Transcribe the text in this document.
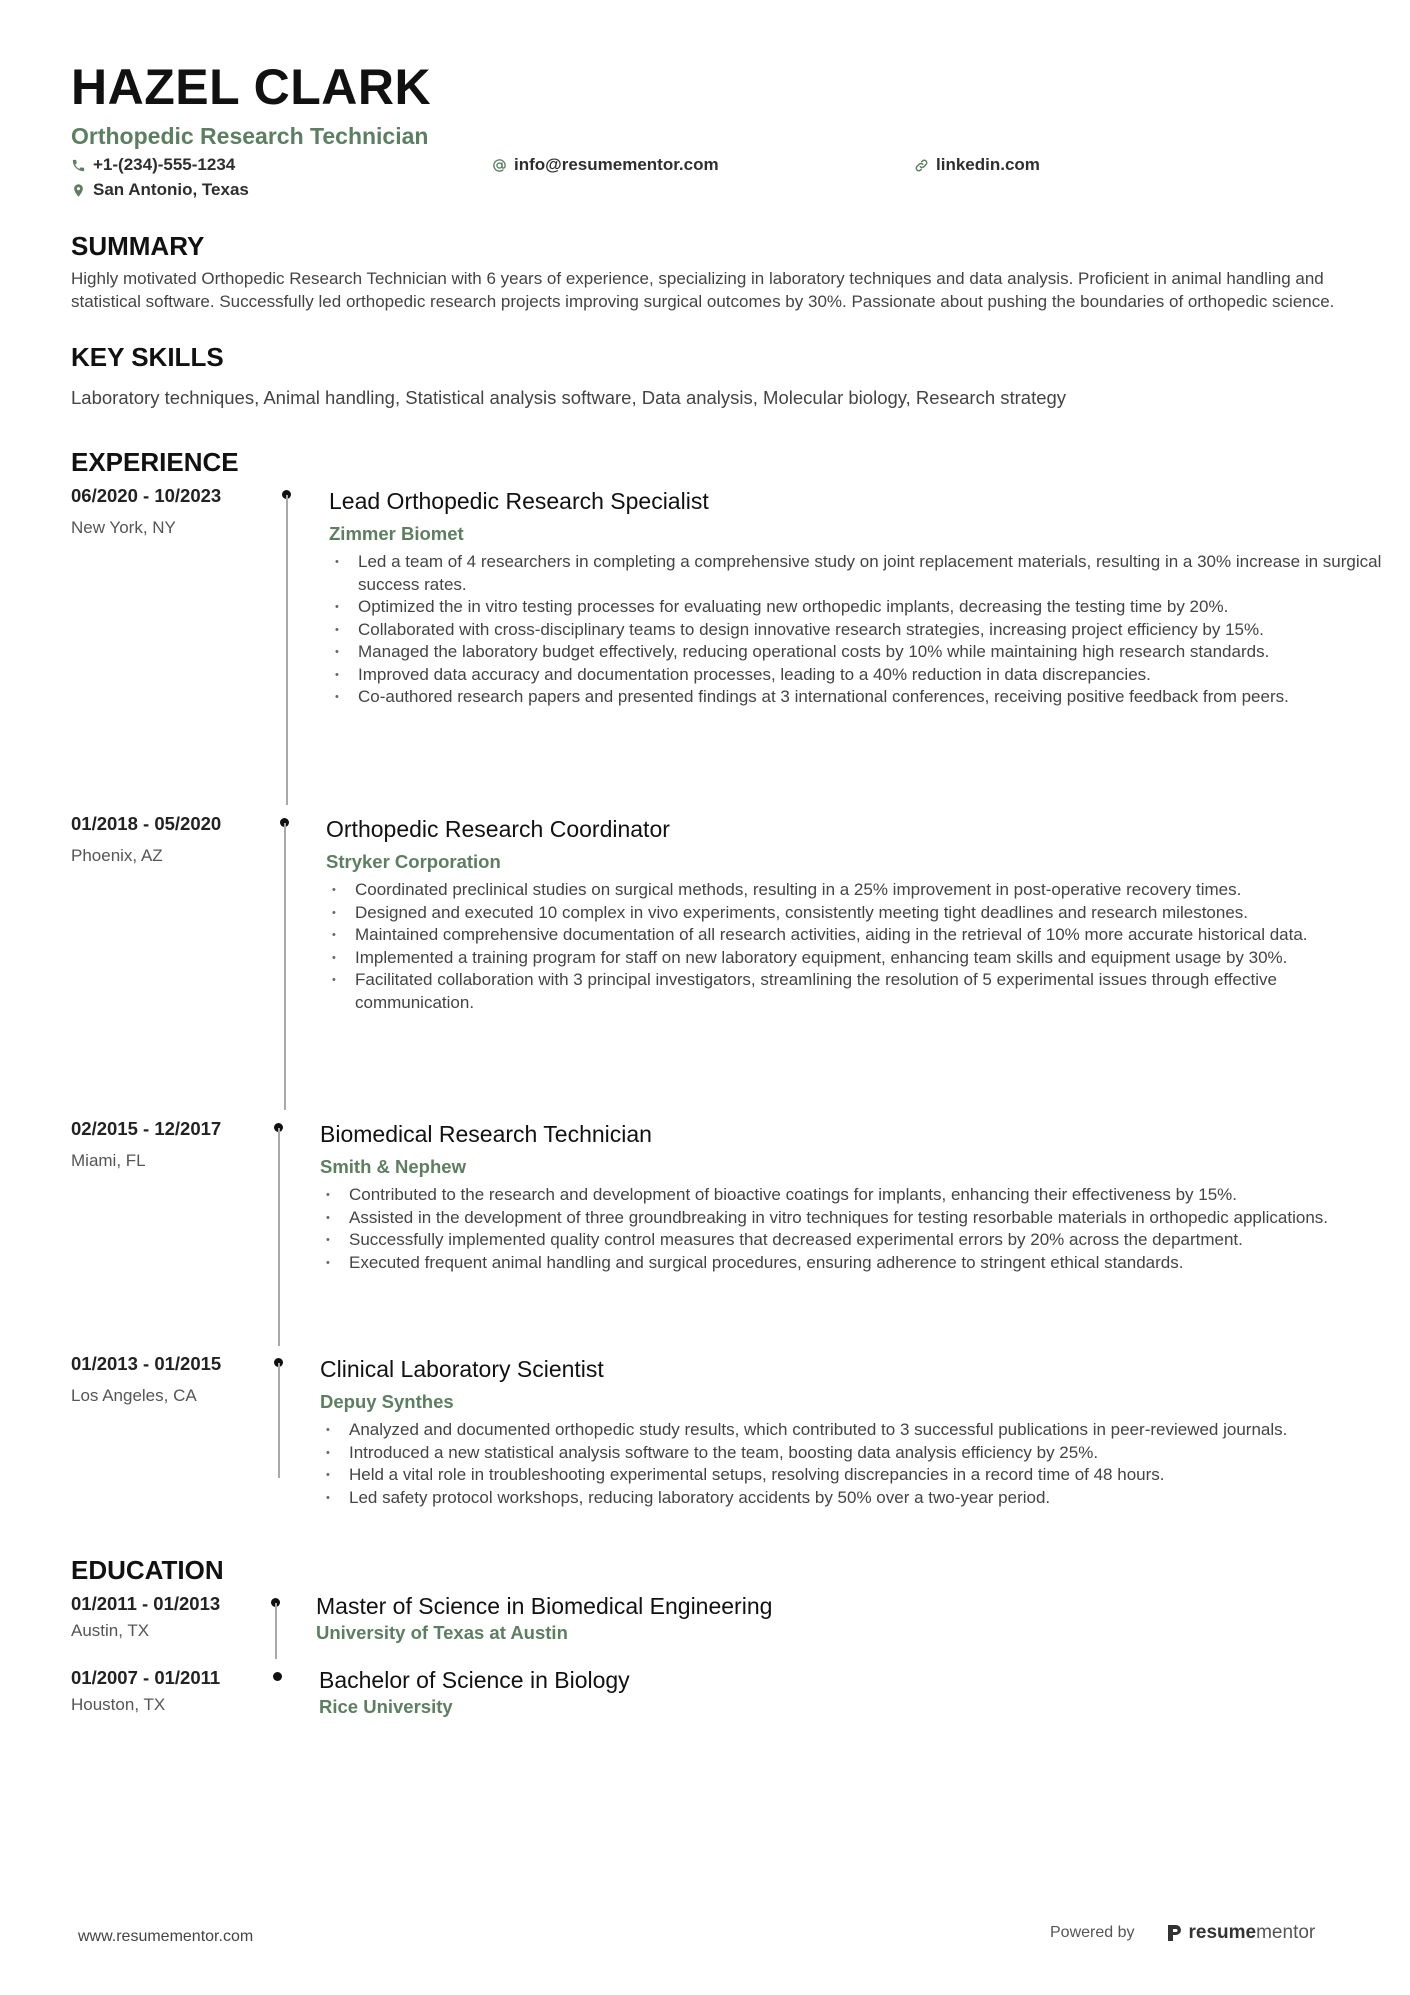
HAZEL CLARK
Orthopedic Research Technician
+1-(234)-555-1234	info@resumementor.com	linkedin.com
San Antonio, Texas
SUMMARY
Highly motivated Orthopedic Research Technician with 6 years of experience, specializing in laboratory techniques and data analysis. Proficient in animal handling and statistical software. Successfully led orthopedic research projects improving surgical outcomes by 30%. Passionate about pushing the boundaries of orthopedic science.
KEY SKILLS
Laboratory techniques, Animal handling, Statistical analysis software, Data analysis, Molecular biology, Research strategy
EXPERIENCE
06/2020 - 10/2023
New York, NY
Lead Orthopedic Research Specialist
Zimmer Biomet
• Led a team of 4 researchers in completing a comprehensive study on joint replacement materials, resulting in a 30% increase in surgical success rates.
• Optimized the in vitro testing processes for evaluating new orthopedic implants, decreasing the testing time by 20%.
• Collaborated with cross-disciplinary teams to design innovative research strategies, increasing project efficiency by 15%.
• Managed the laboratory budget effectively, reducing operational costs by 10% while maintaining high research standards.
• Improved data accuracy and documentation processes, leading to a 40% reduction in data discrepancies.
• Co-authored research papers and presented findings at 3 international conferences, receiving positive feedback from peers.
01/2018 - 05/2020
Phoenix, AZ
Orthopedic Research Coordinator
Stryker Corporation
• Coordinated preclinical studies on surgical methods, resulting in a 25% improvement in post-operative recovery times.
• Designed and executed 10 complex in vivo experiments, consistently meeting tight deadlines and research milestones.
• Maintained comprehensive documentation of all research activities, aiding in the retrieval of 10% more accurate historical data.
• Implemented a training program for staff on new laboratory equipment, enhancing team skills and equipment usage by 30%.
• Facilitated collaboration with 3 principal investigators, streamlining the resolution of 5 experimental issues through effective communication.
02/2015 - 12/2017
Miami, FL
Biomedical Research Technician
Smith & Nephew
• Contributed to the research and development of bioactive coatings for implants, enhancing their effectiveness by 15%.
• Assisted in the development of three groundbreaking in vitro techniques for testing resorbable materials in orthopedic applications.
• Successfully implemented quality control measures that decreased experimental errors by 20% across the department.
• Executed frequent animal handling and surgical procedures, ensuring adherence to stringent ethical standards.
01/2013 - 01/2015
Los Angeles, CA
Clinical Laboratory Scientist
Depuy Synthes
• Analyzed and documented orthopedic study results, which contributed to 3 successful publications in peer-reviewed journals.
• Introduced a new statistical analysis software to the team, boosting data analysis efficiency by 25%.
• Held a vital role in troubleshooting experimental setups, resolving discrepancies in a record time of 48 hours.
• Led safety protocol workshops, reducing laboratory accidents by 50% over a two-year period.
EDUCATION
01/2011 - 01/2013
Austin, TX
Master of Science in Biomedical Engineering
University of Texas at Austin
01/2007 - 01/2011
Houston, TX
Bachelor of Science in Biology
Rice University
www.resumementor.com	Powered by	resumementor
